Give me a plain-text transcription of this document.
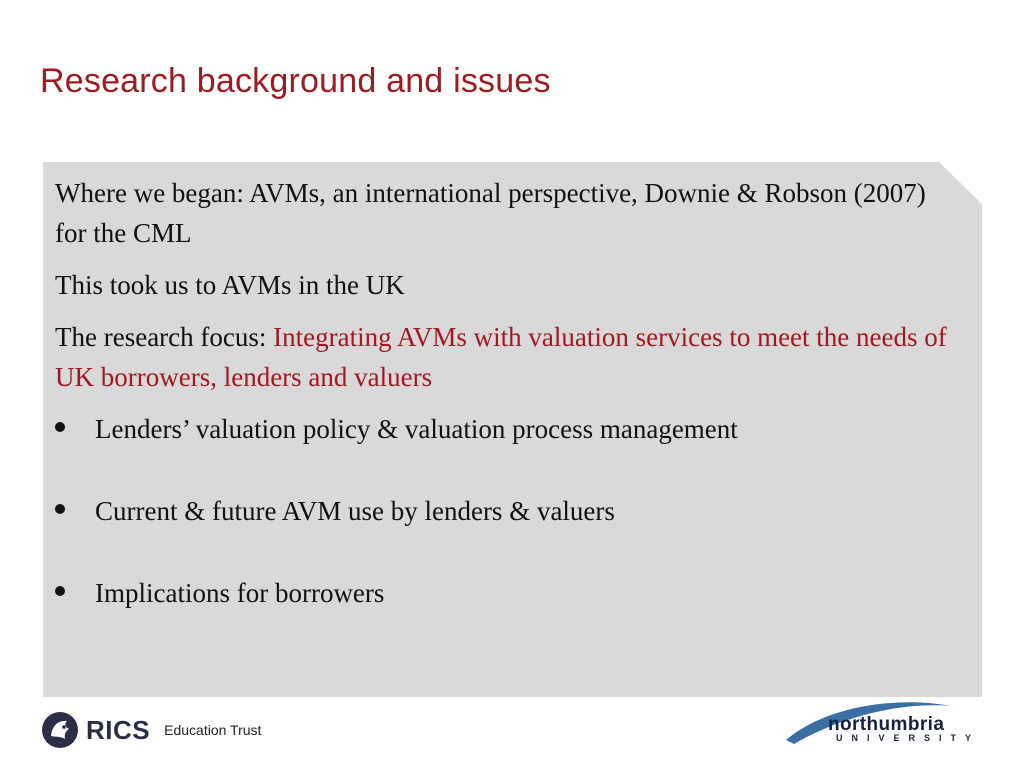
Research background and issues

Where we began: AVMs, an international perspective, Downie & Robson (2007) for the CML

This took us to AVMs in the UK

The research focus: Integrating AVMs with valuation services to meet the needs of UK borrowers, lenders and valuers

Lenders’ valuation policy & valuation process management
Current & future AVM use by lenders & valuers
Implications for borrowers
RICS Education Trust	northumbria
UNIVERSITY
